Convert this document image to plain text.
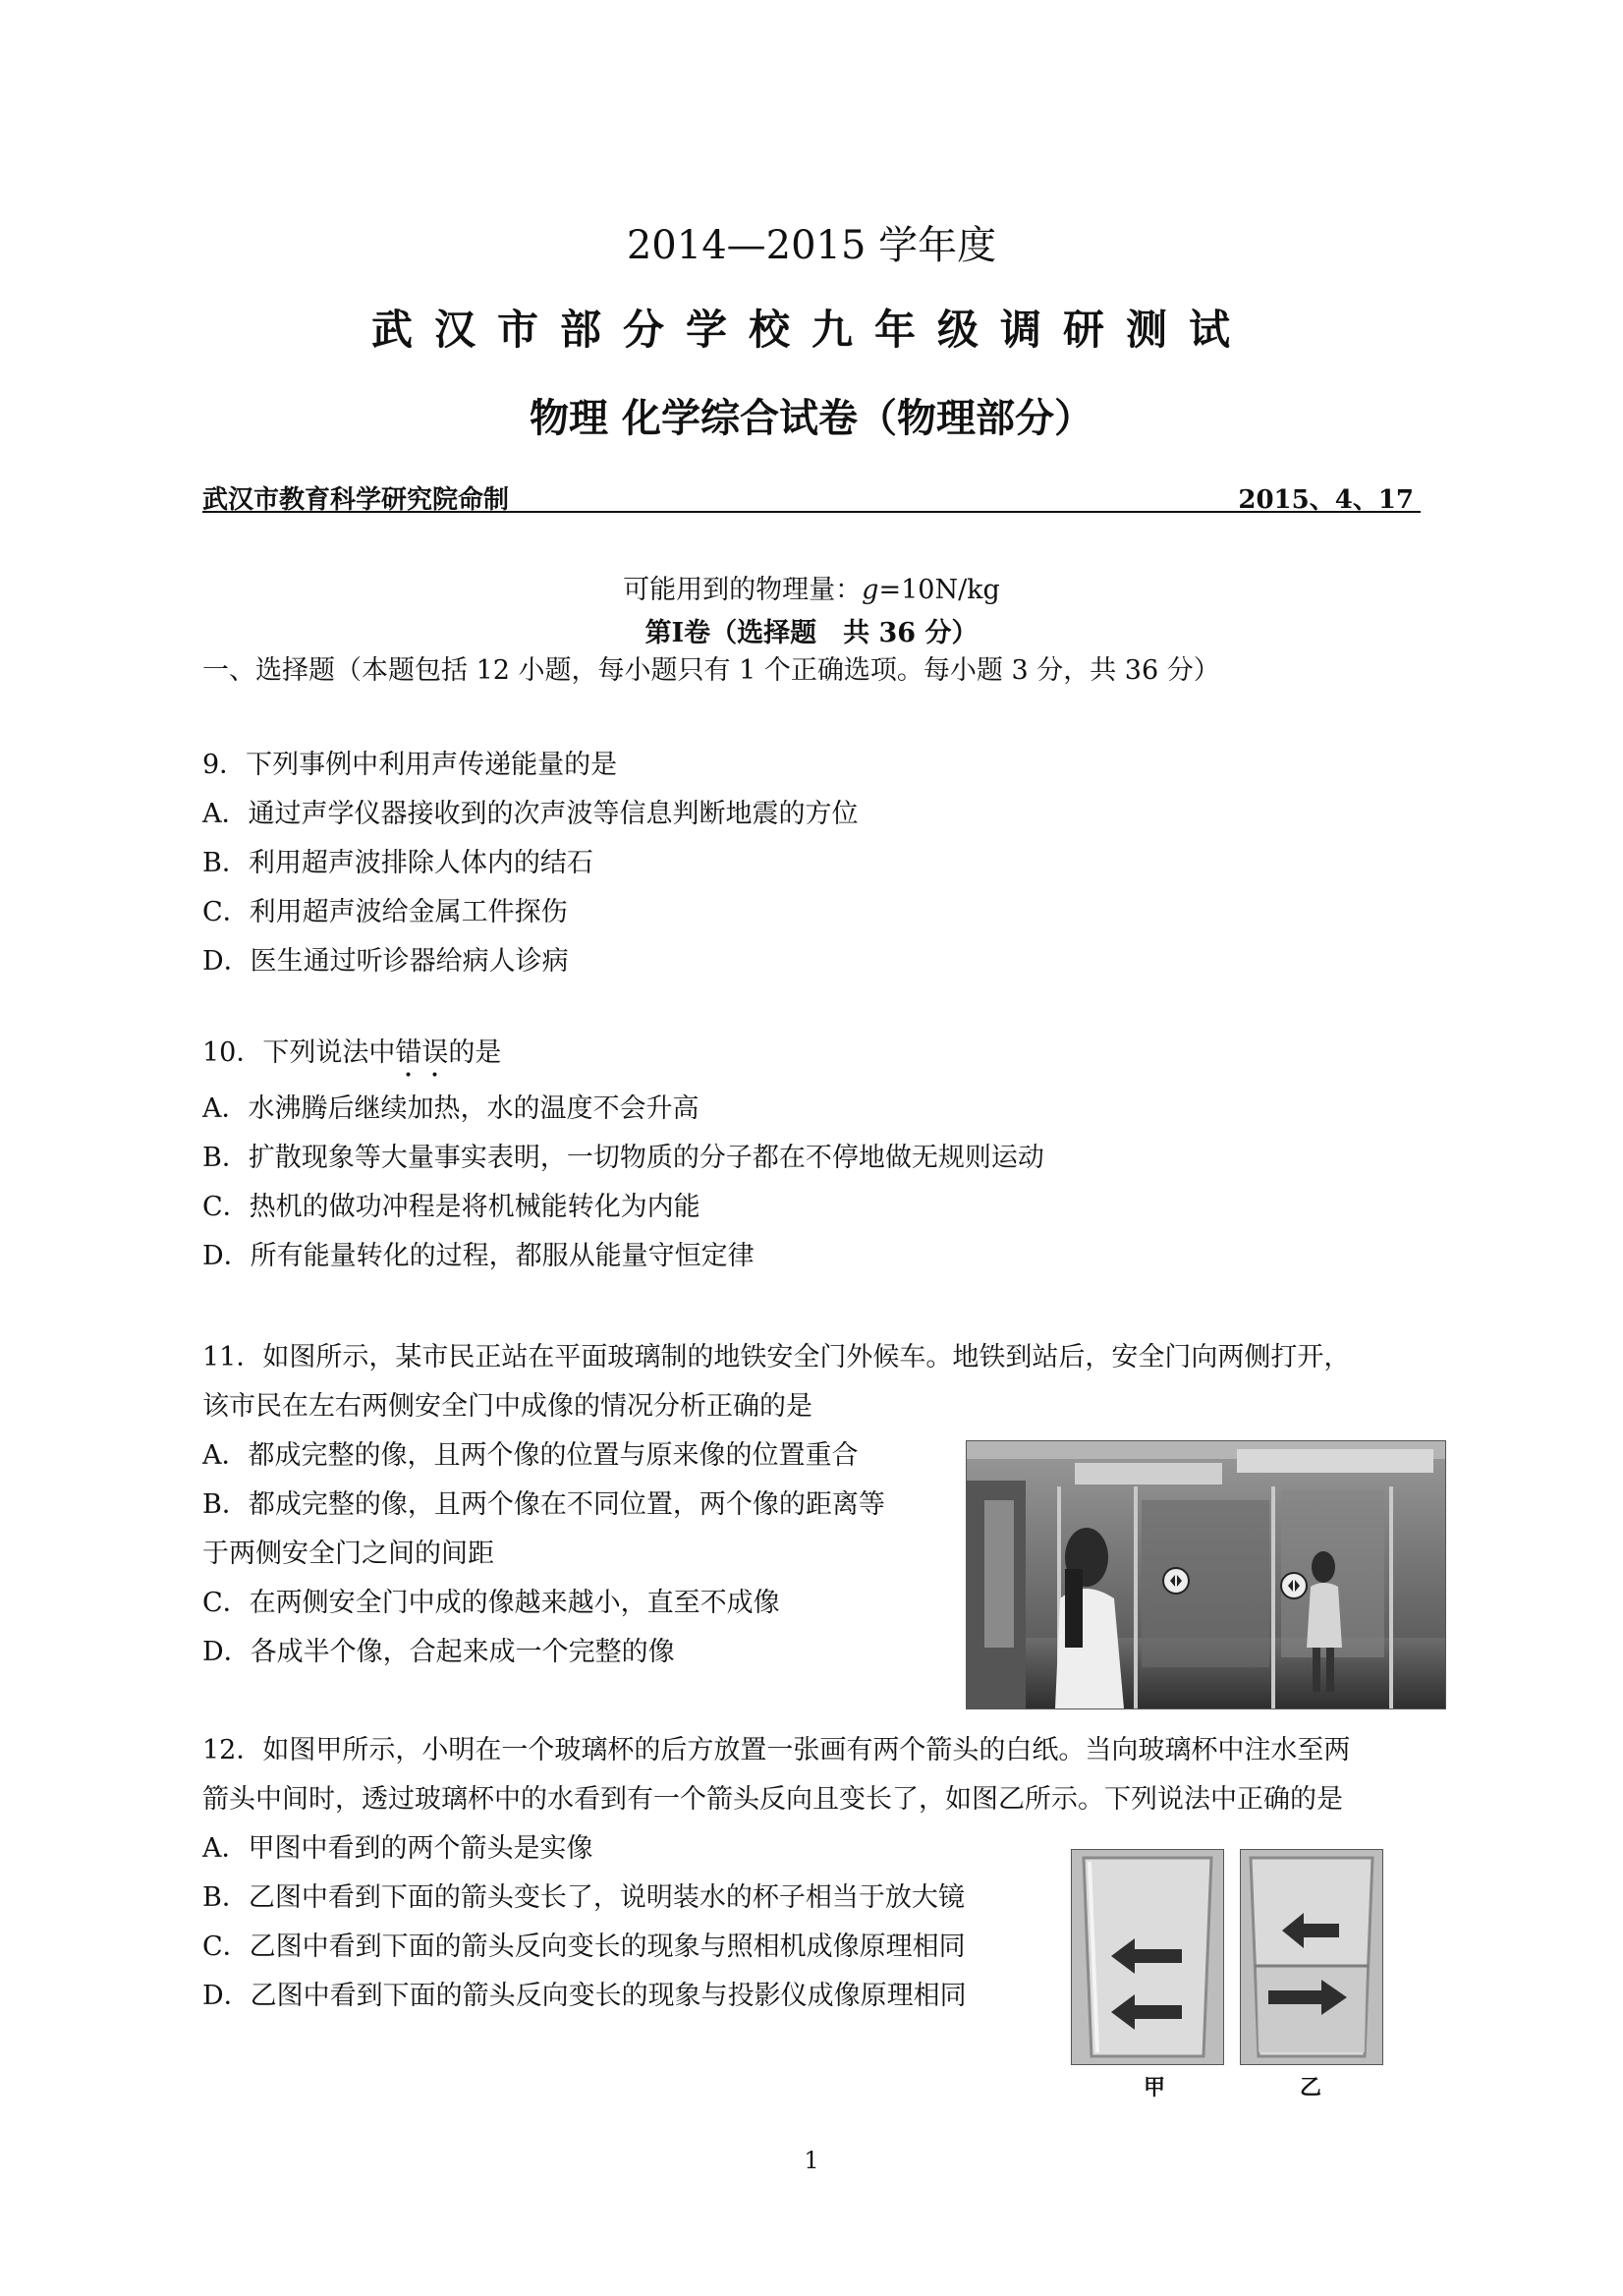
2014—2015 学年度
武汉市部分学校九年级调研测试
物理 化学综合试卷（物理部分）
武汉市教育科学研究院命制	2015、4、17
可能用到的物理量：g=10N/kg
第Ⅰ卷（选择题　共 36 分）
一、选择题（本题包括 12 小题，每小题只有 1 个正确选项。每小题 3 分，共 36 分）
9．下列事例中利用声传递能量的是
A．通过声学仪器接收到的次声波等信息判断地震的方位
B．利用超声波排除人体内的结石
C．利用超声波给金属工件探伤
D．医生通过听诊器给病人诊病
10．下列说法中错误的是
A．水沸腾后继续加热，水的温度不会升高
B．扩散现象等大量事实表明，一切物质的分子都在不停地做无规则运动
C．热机的做功冲程是将机械能转化为内能
D．所有能量转化的过程，都服从能量守恒定律
11．如图所示，某市民正站在平面玻璃制的地铁安全门外候车。地铁到站后，安全门向两侧打开，
该市民在左右两侧安全门中成像的情况分析正确的是
A．都成完整的像，且两个像的位置与原来像的位置重合
B．都成完整的像，且两个像在不同位置，两个像的距离等
于两侧安全门之间的间距
C．在两侧安全门中成的像越来越小，直至不成像
D．各成半个像，合起来成一个完整的像
12．如图甲所示，小明在一个玻璃杯的后方放置一张画有两个箭头的白纸。当向玻璃杯中注水至两
箭头中间时，透过玻璃杯中的水看到有一个箭头反向且变长了，如图乙所示。下列说法中正确的是
A．甲图中看到的两个箭头是实像
B．乙图中看到下面的箭头变长了，说明装水的杯子相当于放大镜
C．乙图中看到下面的箭头反向变长的现象与照相机成像原理相同
D．乙图中看到下面的箭头反向变长的现象与投影仪成像原理相同
甲	乙
1
